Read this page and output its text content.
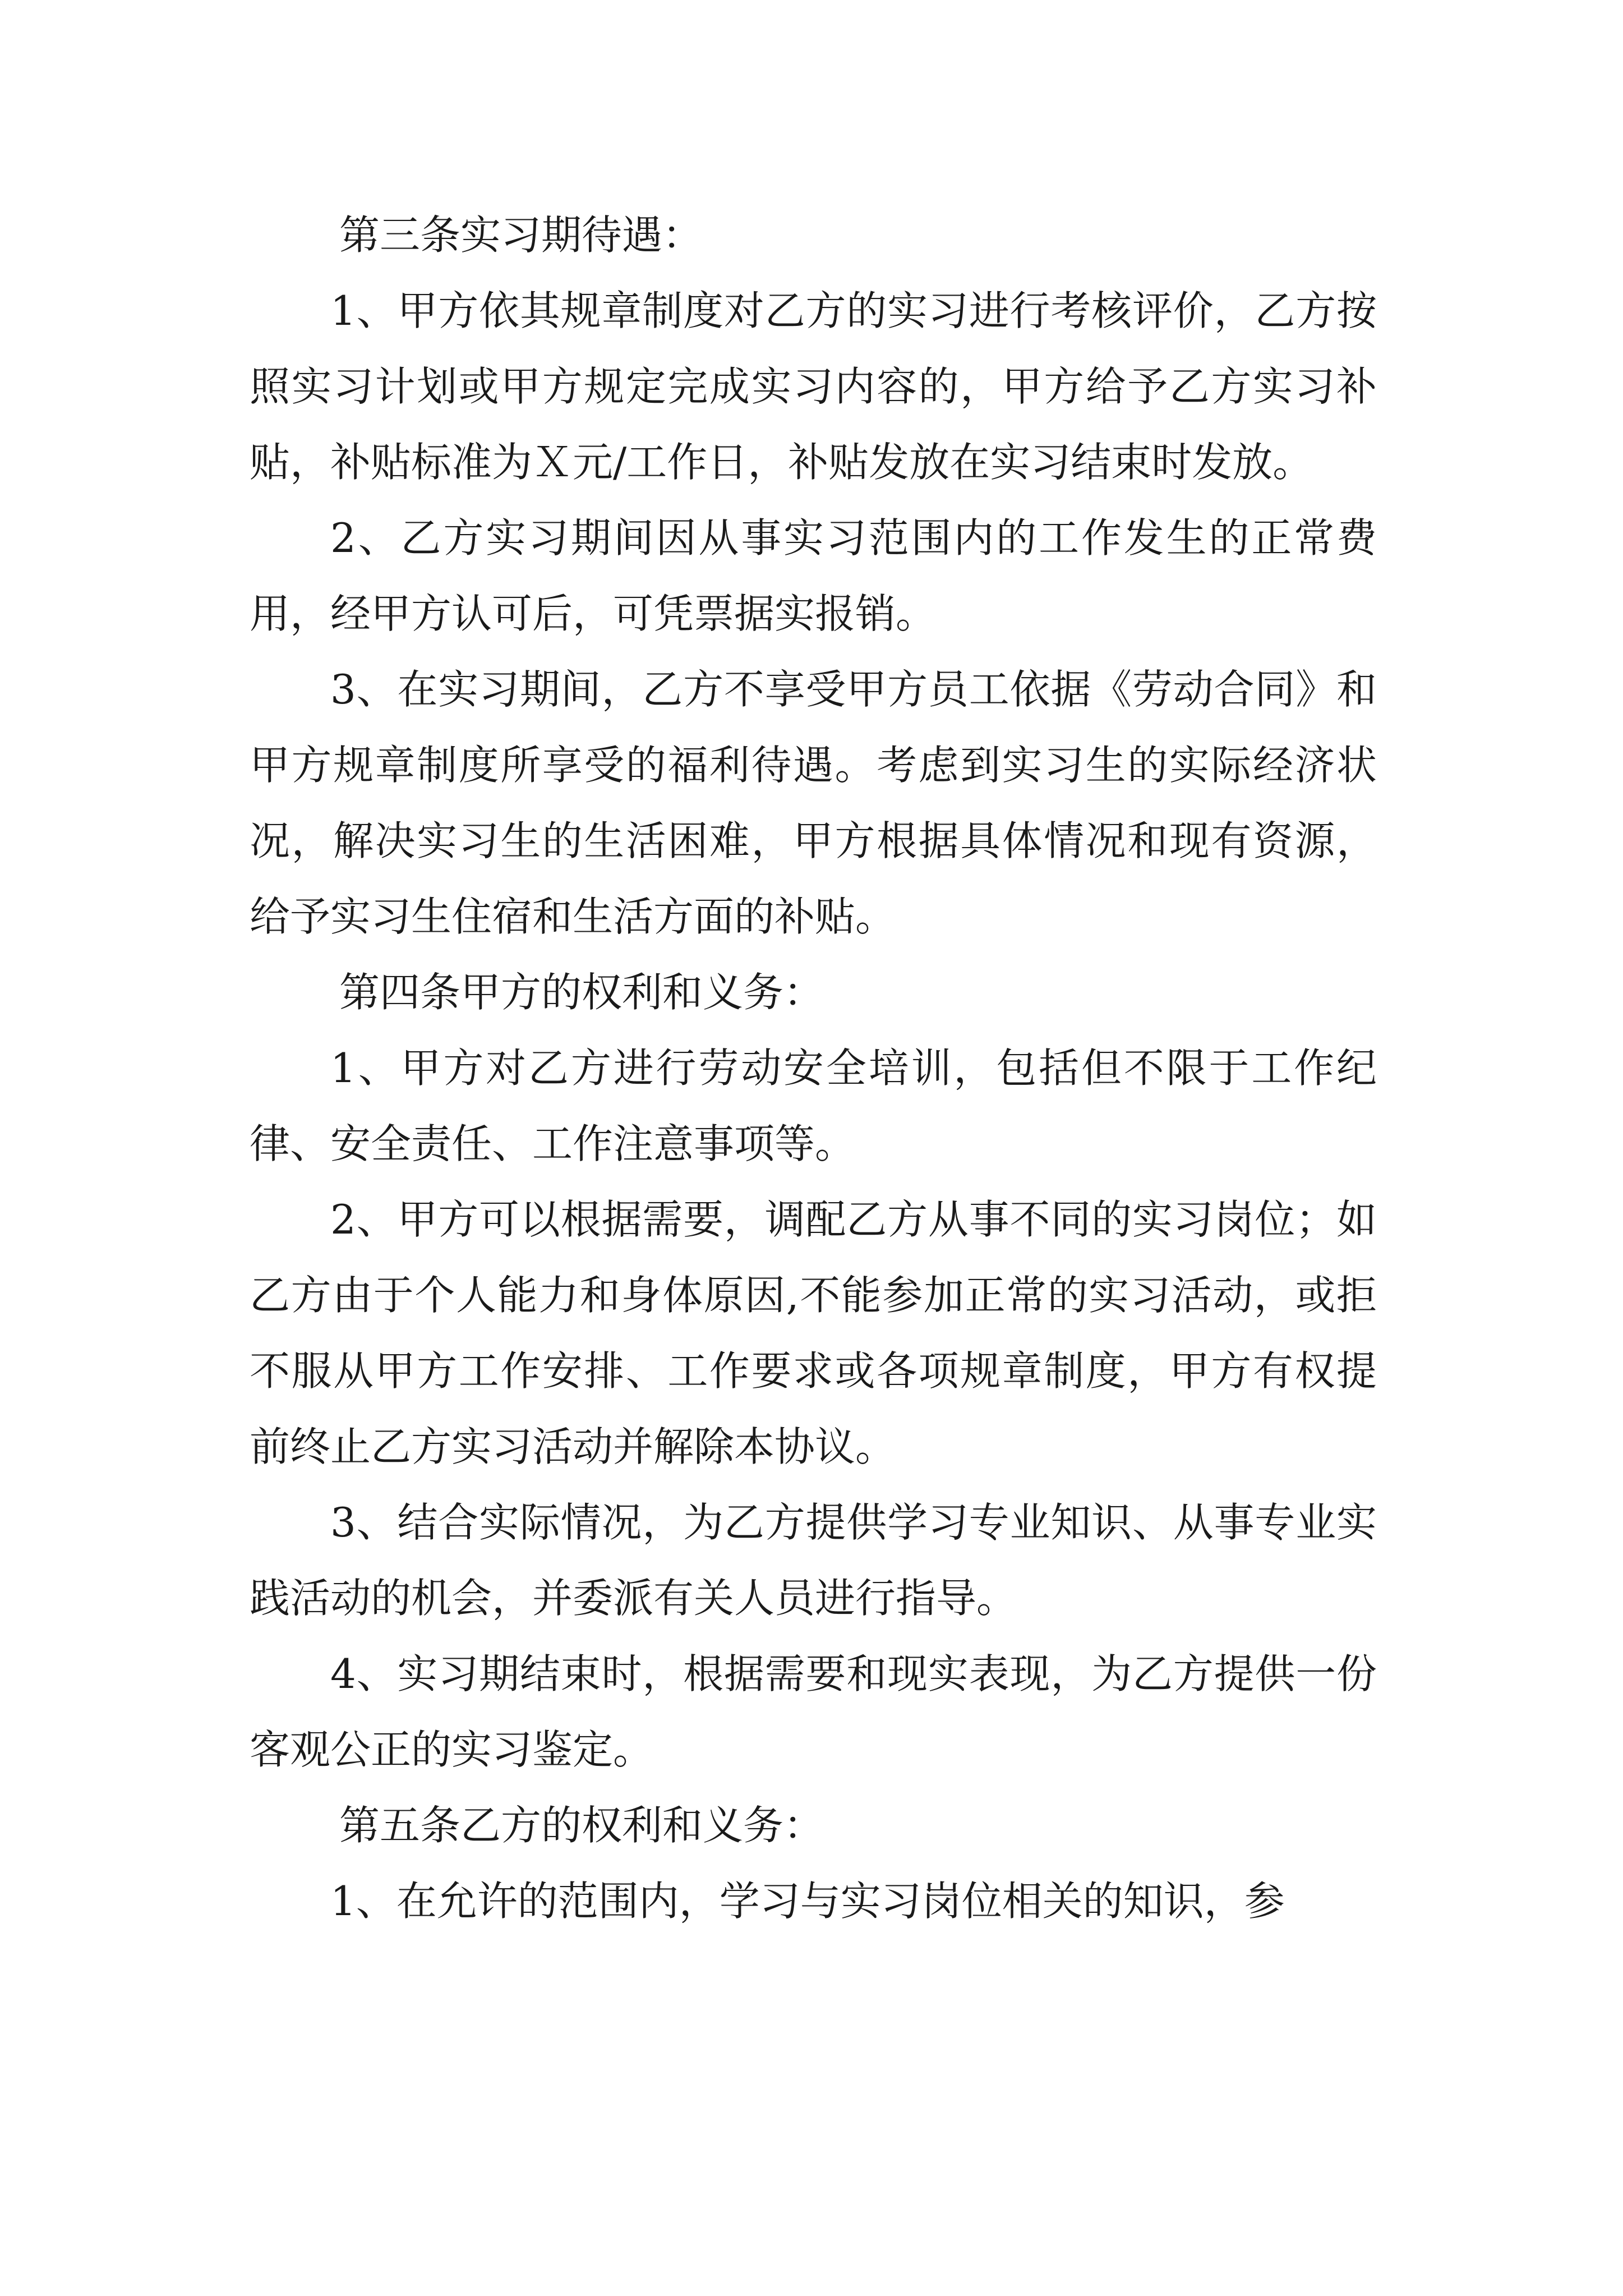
第三条实习期待遇：

1、甲方依其规章制度对乙方的实习进行考核评价，乙方按照实习计划或甲方规定完成实习内容的，甲方给予乙方实习补贴，补贴标准为Ｘ元/工作日，补贴发放在实习结束时发放。

2、乙方实习期间因从事实习范围内的工作发生的正常费用，经甲方认可后，可凭票据实报销。

3、在实习期间，乙方不享受甲方员工依据《劳动合同》和甲方规章制度所享受的福利待遇。考虑到实习生的实际经济状况，解决实习生的生活困难，甲方根据具体情况和现有资源，给予实习生住宿和生活方面的补贴。

第四条甲方的权利和义务：

1、甲方对乙方进行劳动安全培训，包括但不限于工作纪律、安全责任、工作注意事项等。

2、甲方可以根据需要，调配乙方从事不同的实习岗位；如乙方由于个人能力和身体原因,不能参加正常的实习活动，或拒不服从甲方工作安排、工作要求或各项规章制度，甲方有权提前终止乙方实习活动并解除本协议。

3、结合实际情况，为乙方提供学习专业知识、从事专业实践活动的机会，并委派有关人员进行指导。

4、实习期结束时，根据需要和现实表现，为乙方提供一份客观公正的实习鉴定。

第五条乙方的权利和义务：

1、在允许的范围内，学习与实习岗位相关的知识，参
